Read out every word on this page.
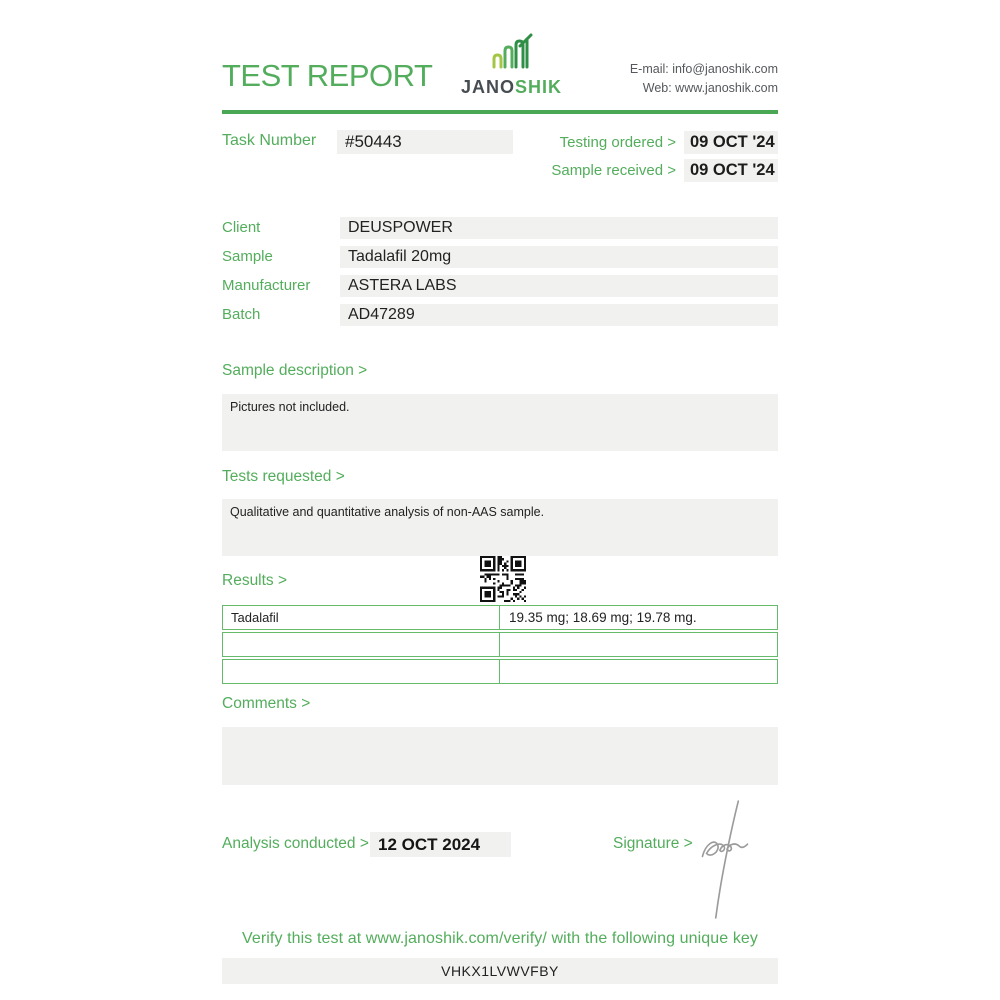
TEST REPORT	JANOSHIK
E-mail: info@janoshik.com
Web: www.janoshik.com
Task Number	#50443	Testing ordered > 09 OCT '24
Sample received > 09 OCT '24
Client	DEUSPOWER
Sample	Tadalafil 20mg
Manufacturer	ASTERA LABS
Batch	AD47289
Sample description >
Pictures not included.
Tests requested >
Qualitative and quantitative analysis of non-AAS sample.
Results >
Tadalafil	19.35 mg; 18.69 mg; 19.78 mg.
Comments >
Analysis conducted > 12 OCT 2024	Signature >
Verify this test at www.janoshik.com/verify/ with the following unique key
VHKX1LVWVFBY
